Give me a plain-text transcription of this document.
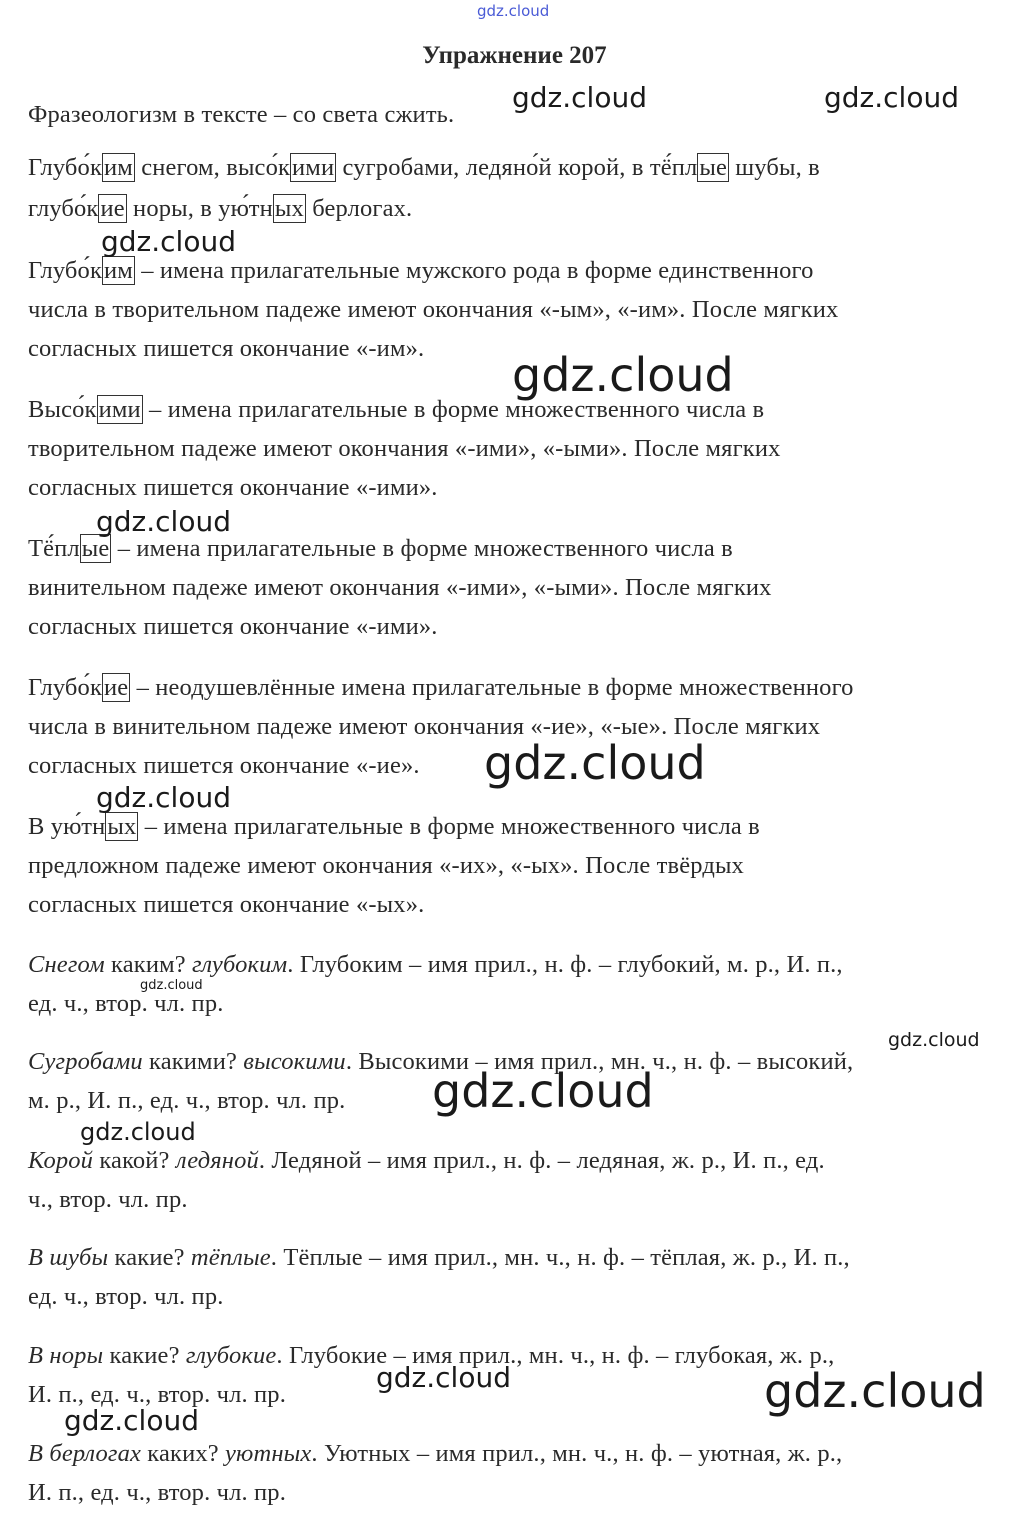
gdz.cloud
Упражнение 207
Фразеологизм в тексте – со света сжить.
Глубо́ким снегом, высо́кими сугробами, ледяно́й корой, в тё́плые шубы, в
глубо́кие норы, в ую́тных берлогах.
Глубо́ким – имена прилагательные мужского рода в форме единственного
числа в творительном падеже имеют окончания «-ым», «-им». После мягких
согласных пишется окончание «-им».
Высо́кими – имена прилагательные в форме множественного числа в
творительном падеже имеют окончания «-ими», «-ыми». После мягких
согласных пишется окончание «-ими».
Тё́плые – имена прилагательные в форме множественного числа в
винительном падеже имеют окончания «-ими», «-ыми». После мягких
согласных пишется окончание «-ими».
Глубо́кие – неодушевлённые имена прилагательные в форме множественного
числа в винительном падеже имеют окончания «-ие», «-ые». После мягких
согласных пишется окончание «-ие».
В ую́тных – имена прилагательные в форме множественного числа в
предложном падеже имеют окончания «-их», «-ых». После твёрдых
согласных пишется окончание «-ых».
Снегом каким? глубоким. Глубоким – имя прил., н. ф. – глубокий, м. р., И. п.,
ед. ч., втор. чл. пр.
Сугробами какими? высокими. Высокими – имя прил., мн. ч., н. ф. – высокий,
м. р., И. п., ед. ч., втор. чл. пр.
Корой какой? ледяной. Ледяной – имя прил., н. ф. – ледяная, ж. р., И. п., ед.
ч., втор. чл. пр.
В шубы какие? тёплые. Тёплые – имя прил., мн. ч., н. ф. – тёплая, ж. р., И. п.,
ед. ч., втор. чл. пр.
В норы какие? глубокие. Глубокие – имя прил., мн. ч., н. ф. – глубокая, ж. р.,
И. п., ед. ч., втор. чл. пр.
В берлогах каких? уютных. Уютных – имя прил., мн. ч., н. ф. – уютная, ж. р.,
И. п., ед. ч., втор. чл. пр.
gdz.cloud	gdz.cloud
gdz.cloud
gdz.cloud
gdz.cloud
gdz.cloud
gdz.cloud
gdz.cloud
gdz.cloud
gdz.cloud
gdz.cloud
gdz.cloud	gdz.cloud
gdz.cloud
